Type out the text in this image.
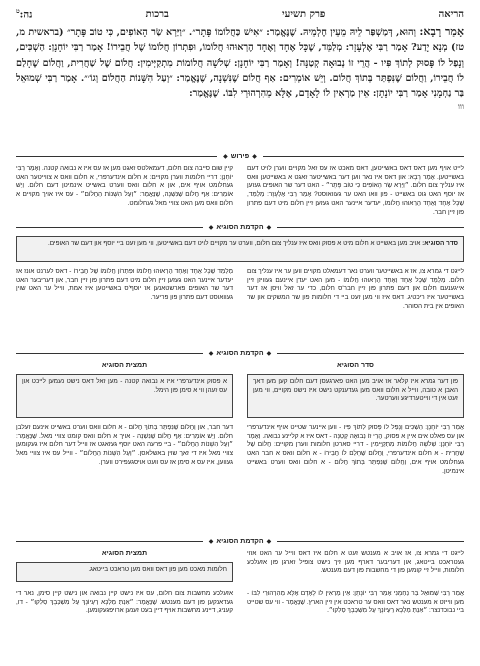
הריאה
פרק תשיעי
ברכות
נה:$^ט$
אָמַר רָבָא: וְהוּא, דְּמַשְׁפַּר לֵיהּ מֵעֵין חֶלְמֵיהּ. שֶׁנֶּאֱמַר: ״אִישׁ כַּחֲלוֹמוֹ פָּתָר״. ״וַיַּרְא שַׂר הָאוֹפִים, כִּי טוֹב פָּתָר״ (בראשית מ, טז) מְנָא יָדַע? אָמַר רַבִּי אֶלְעָזָר: מְלַמֵּד, שֶׁכָּל אֶחָד וְאֶחָד הֶרְאוּהוּ חֲלוֹמוֹ, וּפִתְרוֹן חֲלוֹמוֹ שֶׁל חֲבֵירוֹ! אָמַר רַבִּי יוֹחָנָן: הַשְׁכִּים, וְנָפַל לוֹ פָּסוּק לְתוֹךְ פִּיו - הֲרֵי זוֹ נְבוּאָה קְטַנָּה! וְאָמַר רַבִּי יוֹחָנָן: שְׁלֹשָׁה חֲלוֹמוֹת מִתְקַיְּימִין: חֲלוֹם שֶׁל שַׁחֲרִית, וַחֲלוֹם שֶׁחָלַם לוֹ חֲבֵירוֹ, וַחֲלוֹם שֶׁנִּפְתַּר בְּתוֹךְ חֲלוֹם. וְיֵשׁ אוֹמְרִים: אַף חֲלוֹם שֶׁנִּשְׁנָה, שֶׁנֶּאֱמַר: ״וְעַל הִשָּׁנוֹת הַחֲלוֹם וְגוֹ׳״. אָמַר רַבִּי שְׁמוּאֵל בַּר נַחְמָנִי אָמַר רַבִּי יוֹנָתָן: אֵין מַרְאִין לוֹ לָאָדָם, אֶלָּא מֵהִרְהוּרֵי לִבּוֹ. שֶׁנֶּאֱמַר:
ווו
◆
פירוש
◆
לייט אויף מען דאס דאס באשייטען, דאס מאכט אז עס זאל מקויים ווערן לויט דעם באשייטען. אָמַר רָבָא: און דאס איז נאר ווען דער באשייטער זאגט א באשייטען וואס איז ענליך צום חלום. ״וַיַּרְא שַׂר הָאוֹפִים כִּי טוֹב פָּתָר״ - האט דער שר האופים געזען אז יוסף האט גוט באשייט - פון וואו האט ער געוואוסט? אָמַר רַבִּי אֶלְעָזָר: מְלַמֵּד, שֶׁכָּל אֶחָד וְאֶחָד הֶרְאוּהוּ חֲלוֹמוֹ, יעדער איינער האט געזען זיין חלום מיט דעם פתרון פון זיין חבר.
קיין שום סייבה צום חלום, דעמאלטס זאגט מען אז עס איז א נבואה קטנה. וְאָמַר רַבִּי יוֹחָנָן: דריי חלומות ווערן מקויים: א חלום אינדערפרי, א חלום וואס א צווייטער האט געחלומט אויף אים, און א חלום וואס ווערט באשייט אינמיטן דעם חלום. וְיֵשׁ אוֹמְרִים: אַף חֲלוֹם שֶׁנִּשְׁנָה, שֶׁנֶּאֱמַר: ״וְעַל הִשָּׁנוֹת הַחֲלוֹם״ - עס איז אויך מקויים א חלום וואס מען האט צוויי מאל געחלומט.
◆
הקדמת הסוגיא
◆
סדר הסוגיא: אויב מען באשייט א חלום מיט א פסוק וואס איז ענליך צום חלום, ווערט ער מקויים לויט דעם באשייטען, ווי מען זעט ביי יוסף און דעם שר האופים.
לייגט די גמרא צו, אז א באשייטער ווערט נאר דעמאלט מקויים ווען ער איז ענליך צום חלום. מְלַמֵּד שֶׁכָּל אֶחָד וְאֶחָד הֶרְאוּהוּ חֲלוֹמוֹ - מען האט יעדן איינעם געוויזן זיין אייגענעם חלום און דעם פתרון פון זיין חבר'ס חלום, כדי ער זאל וויסן אז דער באשייטער איז ריכטיג. דאס איז ווי מען זעט ביי די חלומות פון שר המשקים און שר האופים אין בית הסוהר.
מְלַמֵּד שֶׁכָּל אֶחָד וְאֶחָד הֶרְאוּהוּ חֲלוֹמוֹ וּפִתְרוֹן חֲלוֹמוֹ שֶׁל חֲבֵירוֹ - דאס לערנט אונז אז יעדער איינער האט געזען זיין חלום מיט דעם פתרון פון זיין חבר, און דעריבער האט דער שר האופים פארשטאנען אז יוסף'ס באשייטען איז אמת, ווייל ער האט שוין געוואוסט דעם פתרון פון פריער.
◆
הקדמת הסוגיא
◆
סדר הסוגיא
תמצית הסוגיא
פון דער גמרא איז קלאר אז אויב מען האט פארגעסן דעם חלום קען מען דאך האבן א טובה, ווייל א חלום וואס מען געדענקט נישט איז נישט מקויים, ווי מען זעט אין די ווייטערדיגע ווערטער.
א פסוק אינדערפרי איז א נבואה קטנה - מען זאל דאס נישט נעמען לייכט און עס זעהן ווי א סימן פון הימל.
אָמַר רַבִּי יוֹחָנָן: הַשְׁכִּים וְנָפַל לוֹ פָּסוּק לְתוֹךְ פִּיו - ווען איינער שטייט אויף אינדערפרי און עס פאלט אים איין א פסוק, הֲרֵי זוֹ נְבוּאָה קְטַנָּה - דאס איז א קליינע נבואה. וְאָמַר רַבִּי יוֹחָנָן: שְׁלֹשָׁה חֲלוֹמוֹת מִתְקַיְּימִין - דריי סארטן חלומות ווערן מקויים: חֲלוֹם שֶׁל שַׁחֲרִית - א חלום אינדערפרי, וַחֲלוֹם שֶׁחָלַם לוֹ חֲבֵירוֹ - א חלום וואס א חבר האט געחלומט אויף אים, וַחֲלוֹם שֶׁנִּפְתַּר בְּתוֹךְ חֲלוֹם - א חלום וואס ווערט באשייט אינמיטן.
דער חבר, און וַחֲלוֹם שֶׁנִּפְתַּר בְּתוֹךְ חֲלוֹם - א חלום וואס ווערט באשייט אינעם זעלבן חלום. וְיֵשׁ אוֹמְרִים: אַף חֲלוֹם שֶׁנִּשְׁנָה - אויך א חלום וואס קומט צוויי מאל. שֶׁנֶּאֱמַר: ״וְעַל הִשָּׁנוֹת הַחֲלוֹם״ - ביי פרעה האט יוסף געזאגט אז ווייל דער חלום איז געקומען צוויי מאל איז די זאך שוין באשלאסן. ״וְעַל הִשָּׁנוֹת הַחֲלוֹם״ - ווייל עס איז צוויי מאל געווען, איז עס א סימן אז עס וועט אויסגעפירט ווערן.
◆
הקדמת הסוגיא
◆
תמצית הסוגיא
חלומות מאכט מען פון דאס וואס מען טראכט בייטאג.
לייגט די גמרא צו, אז אויב א מענטש זעט א חלום איז דאס ווייל ער האט אזוי געטראכט בייטאג, און דעריבער דארף מען זיך נישט צופיל זארגן פון אזעלכע חלומות, ווייל זיי קומען פון די מחשבות פון דעם מענטש.
אָמַר רַבִּי שְׁמוּאֵל בַּר נַחְמָנִי אָמַר רַבִּי יוֹנָתָן: אֵין מַרְאִין לוֹ לָאָדָם אֶלָּא מֵהִרְהוּרֵי לִבּוֹ - מען ווייזט א מענטש נאר דאס וואס ער טראכט אין זיין הארץ. שֶׁנֶּאֱמַר - ווי עס שטייט ביי נבוכדנצר: ״אַנְתְּ מַלְכָּא רַעְיוֹנָךְ עַל מִשְׁכְּבָךְ סְלִקוּ״.
אזעלכע מחשבות צום חלום, עס איז נישט קיין נבואה און נישט קיין סימן, נאר די געדאנקען פון דעם מענטש. שֶׁנֶּאֱמַר: ״אַנְתְּ מַלְכָּא רַעְיוֹנָךְ עַל מִשְׁכְּבָךְ סְלִקוּ״ - דו, קעניג, דיינע מחשבות אויף דיין בעט זענען ארויפגעקומען.
